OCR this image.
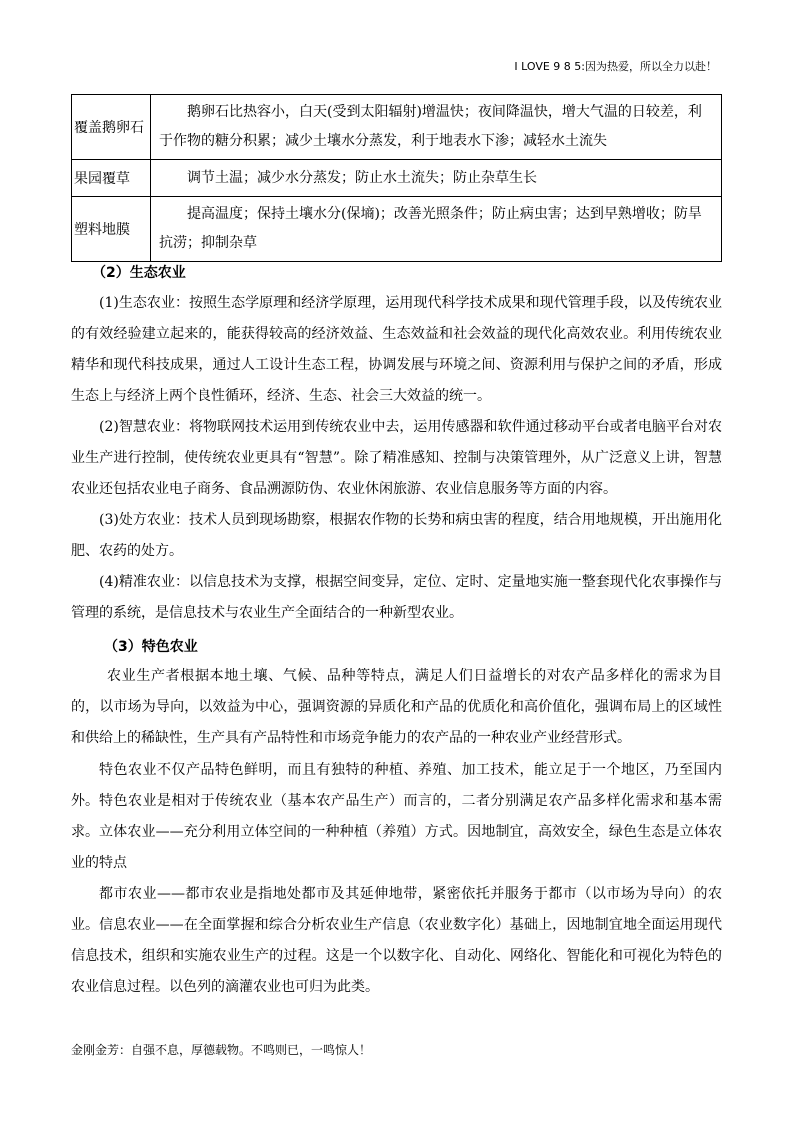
I LOVE 9 8 5:因为热爱，所以全力以赴！
覆盖鹅卵石	鹅卵石比热容小，白天(受到太阳辐射)增温快；夜间降温快，增大气温的日较差，利于作物的糖分积累；减少土壤水分蒸发，利于地表水下渗；减轻水土流失
果园覆草	调节土温；减少水分蒸发；防止水土流失；防止杂草生长
塑料地膜	提高温度；保持土壤水分(保墒)；改善光照条件；防止病虫害；达到早熟增收；防旱抗涝；抑制杂草
（2）生态农业

(1)生态农业：按照生态学原理和经济学原理，运用现代科学技术成果和现代管理手段，以及传统农业的有效经验建立起来的，能获得较高的经济效益、生态效益和社会效益的现代化高效农业。利用传统农业精华和现代科技成果，通过人工设计生态工程，协调发展与环境之间、资源利用与保护之间的矛盾，形成生态上与经济上两个良性循环，经济、生态、社会三大效益的统一。

(2)智慧农业：将物联网技术运用到传统农业中去，运用传感器和软件通过移动平台或者电脑平台对农业生产进行控制，使传统农业更具有“智慧”。除了精准感知、控制与决策管理外，从广泛意义上讲，智慧农业还包括农业电子商务、食品溯源防伪、农业休闲旅游、农业信息服务等方面的内容。

(3)处方农业：技术人员到现场勘察，根据农作物的长势和病虫害的程度，结合用地规模，开出施用化肥、农药的处方。

(4)精准农业：以信息技术为支撑，根据空间变异，定位、定时、定量地实施一整套现代化农事操作与管理的系统，是信息技术与农业生产全面结合的一种新型农业。

（3）特色农业

农业生产者根据本地土壤、气候、品种等特点，满足人们日益增长的对农产品多样化的需求为目的，以市场为导向，以效益为中心，强调资源的异质化和产品的优质化和高价值化，强调布局上的区域性和供给上的稀缺性，生产具有产品特性和市场竞争能力的农产品的一种农业产业经营形式。

特色农业不仅产品特色鲜明，而且有独特的种植、养殖、加工技术，能立足于一个地区，乃至国内外。 特色农业是相对于传统农业（基本农产品生产）而言的，二者分别满足农产品多样化需求和基本需求。 立体农业——充分利用立体空间的一种种植（养殖）方式。因地制宜，高效安全，绿色生态是立体农业的特点

都市农业——都市农业是指地处都市及其延伸地带，紧密依托并服务于都市（以市场为导向）的农业。 信息农业——在全面掌握和综合分析农业生产信息（农业数字化）基础上，因地制宜地全面运用现代信息技术，组织和实施农业生产的过程。这是一个以数字化、自动化、网络化、智能化和可视化为特色的农业信息过程。以色列的滴灌农业也可归为此类。

金刚金芳：自强不息，厚德载物。不鸣则已，一鸣惊人！
